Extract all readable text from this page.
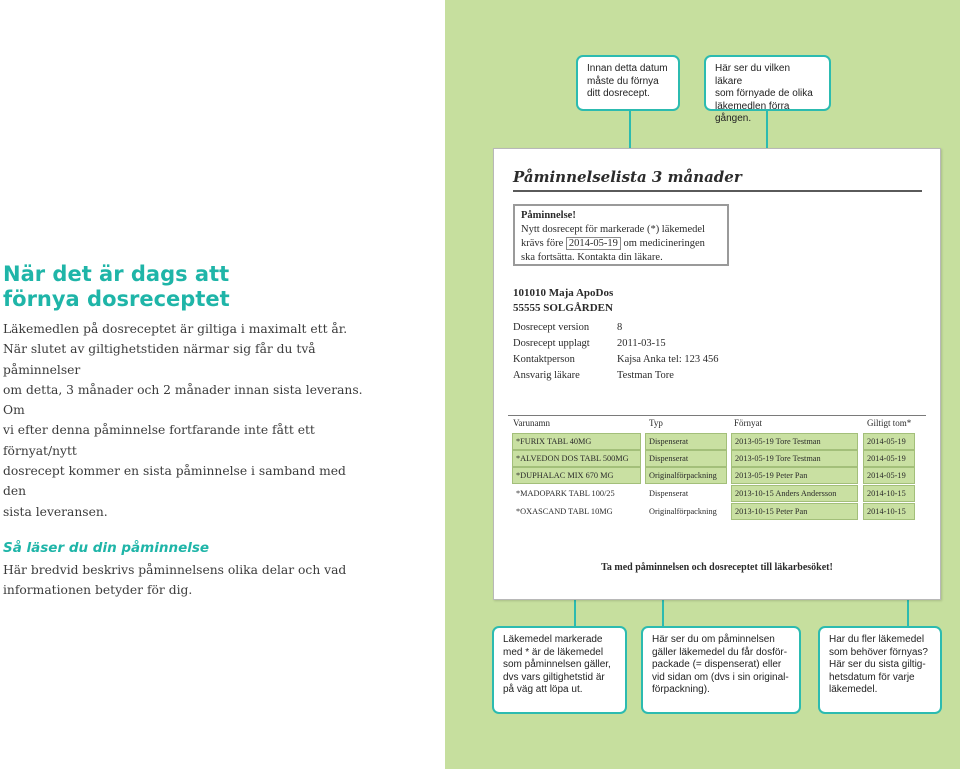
När det är dags att
förnya dosreceptet

Läkemedlen på dosreceptet är giltiga i maximalt ett år.
När slutet av giltighetstiden närmar sig får du två påminnelser
om detta, 3 månader och 2 månader innan sista leverans. Om
vi efter denna påminnelse fortfarande inte fått ett förnyat/nytt
dosrecept kommer en sista påminnelse i samband med den
sista leveransen.

Så läser du din påminnelse

Här bredvid beskrivs påminnelsens olika delar och vad
informationen betyder för dig.

Innan detta datum
måste du förnya
ditt dosrecept.
Här ser du vilken läkare
som förnyade de olika
läkemedlen förra gången.
Läkemedel markerade
med * är de läkemedel
som påminnelsen gäller,
dvs vars giltighetstid är
på väg att löpa ut.
Här ser du om påminnelsen
gäller läkemedel du får dosför-
packade (= dispenserat) eller
vid sidan om (dvs i sin original-
förpackning).
Har du fler läkemedel
som behöver förnyas?
Här ser du sista giltig-
hetsdatum för varje
läkemedel.
Påminnelselista 3 månader
Påminnelse!
Nytt dosrecept för markerade (*) läkemedel
krävs före 2014-05-19 om medicineringen
ska fortsätta. Kontakta din läkare.
101010 Maja ApoDos
55555 SOLGÅRDEN
Dosrecept version	8
Dosrecept upplagt	2011-03-15
Kontaktperson	Kajsa Anka tel: 123 456
Ansvarig läkare	Testman Tore
Varunamn	Typ	Förnyat	Giltigt tom*
*FURIX TABL 40MG	Dispenserat	2013-05-19 Tore Testman	2014-05-19
*ALVEDON DOS TABL 500MG	Dispenserat	2013-05-19 Tore Testman	2014-05-19
*DUPHALAC MIX 670 MG	Originalförpackning	2013-05-19 Peter Pan	2014-05-19
*MADOPARK TABL 100/25	Dispenserat	2013-10-15 Anders Andersson	2014-10-15
*OXASCAND TABL 10MG	Originalförpackning	2013-10-15 Peter Pan	2014-10-15
Ta med påminnelsen och dosreceptet till läkarbesöket!
